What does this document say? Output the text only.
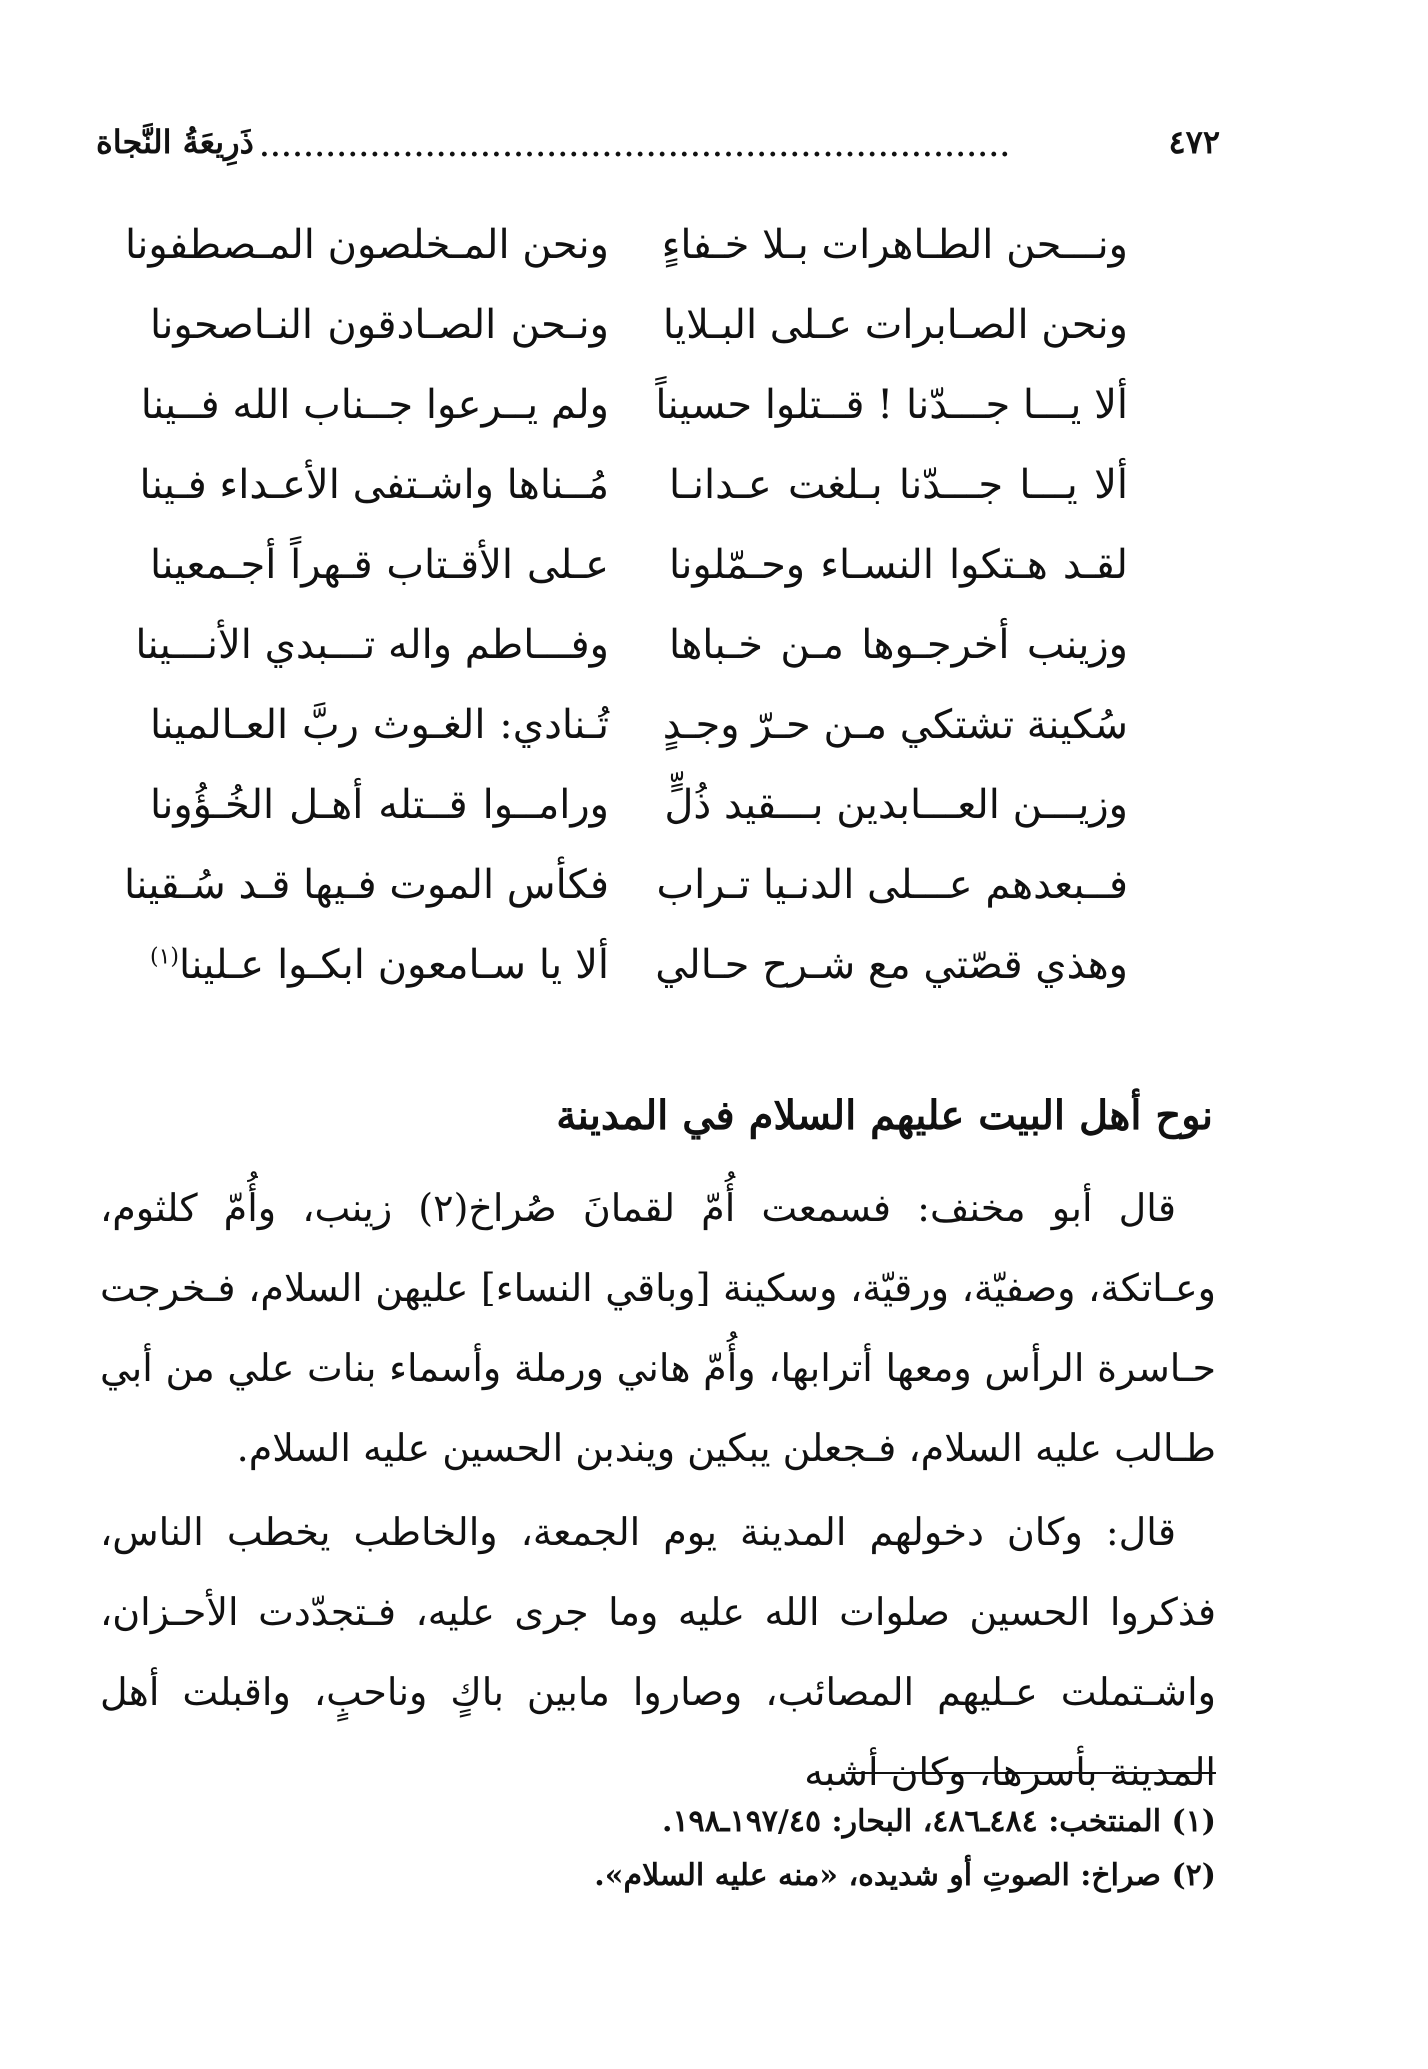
٤٧٢
....................................................................
ذَرِيعَةُ النَّجاة
ونـــحن الطـاهرات بـلا خـفاءٍ
ونحن المـخلصون المـصطفونا
ونحن الصـابرات عـلى البـلايا
ونـحن الصـادقون النـاصحونا
ألا يـــا جـــدّنا ! قــتلوا حسيناً
ولم يــرعوا جــناب الله فــينا
ألا يـــا جـــدّنا بـلغت عـدانـا
مُــناها واشـتفى الأعـداء فـينا
لقـد هـتكوا النسـاء وحـمّلونا
عـلى الأقـتاب قـهراً أجـمعينا
وزينب أخرجـوها مـن خـباها
وفـــاطم واله تـــبدي الأنـــينا
سُكينة تشتكي مـن حـرّ وجـدٍ
تُـنادي: الغـوث ربَّ العـالمينا
وزيـــن العـــابدين بـــقيد ذُلٍّ
ورامــوا قــتله أهـل الخُـؤُونا
فــبعدهم عـــلى الدنـيا تـراب
فكأس الموت فـيها قـد سُـقينا
وهذي قصّتي مع شـرح حـالي
ألا يا سـامعون ابكـوا عـلينا$^{(١)}$
نوح أهل البيت عليهم السلام في المدينة

قال أبو مخنف: فسمعت أُمّ لقمانَ صُراخ(٢) زينب، وأُمّ كلثوم، وعـاتكة، وصفيّة، ورقيّة، وسكينة [وباقي النساء] عليهن السلام، فـخرجت حـاسرة الرأس ومعها أترابها، وأُمّ هاني ورملة وأسماء بنات علي من أبي طـالب عليه السلام، فـجعلن يبكين ويندبن الحسين عليه السلام.

قال: وكان دخولهم المدينة يوم الجمعة، والخاطب يخطب الناس، فذكروا الحسين صلوات الله عليه وما جرى عليه، فـتجدّدت الأحـزان، واشـتملت عـليهم المصائب، وصاروا مابين باكٍ وناحبٍ، واقبلت أهل المدينة بأسرها، وكان أشبه

(١) المنتخب: ٤٨٤ـ٤٨٦، البحار: ١٩٧/٤٥ـ١٩٨.
(٢) صراخ: الصوتِ أو شديده، «منه عليه السلام».
